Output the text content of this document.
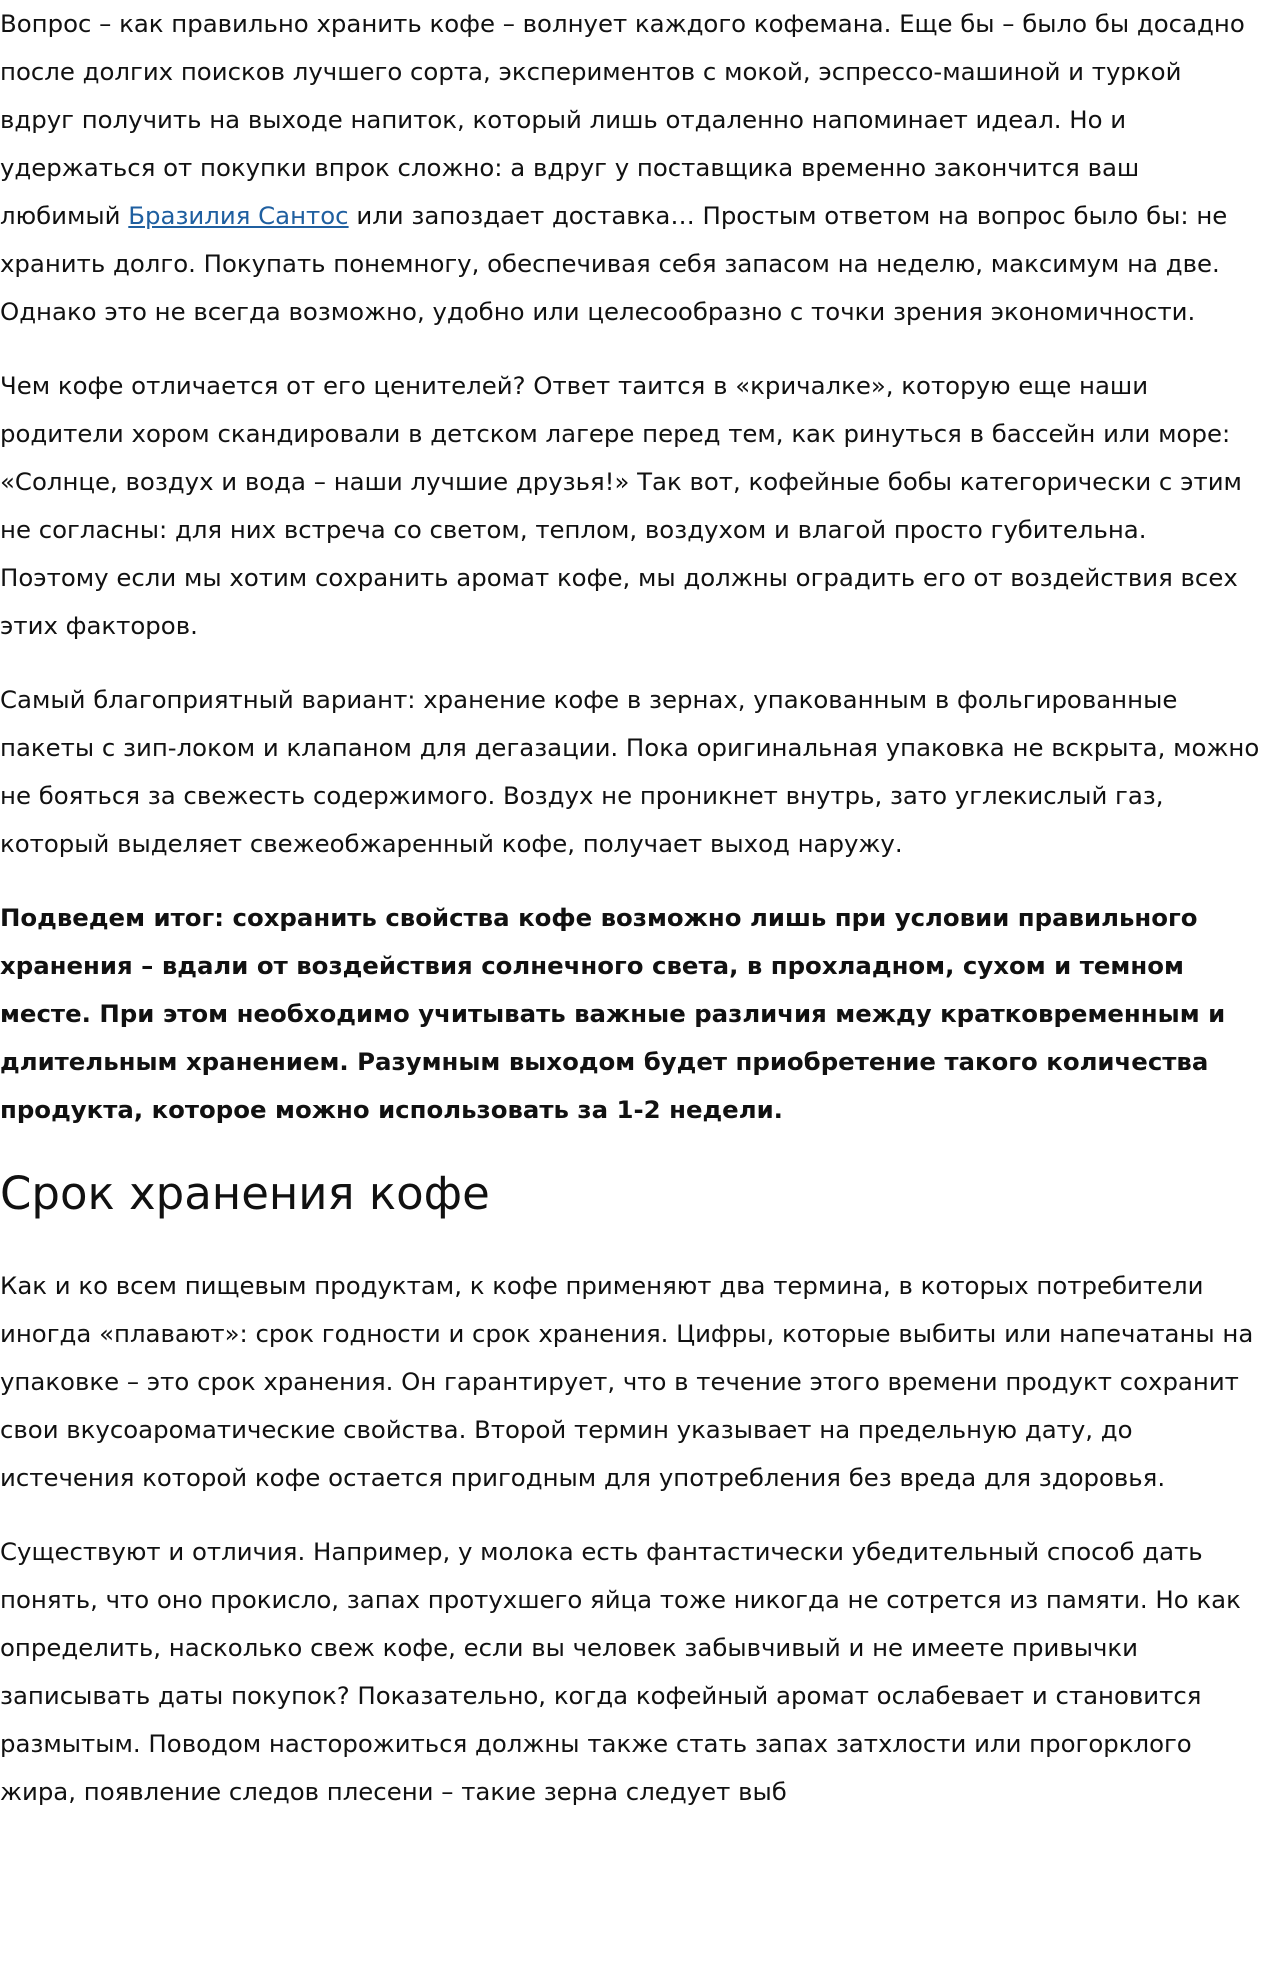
Вопрос – как правильно хранить кофе – волнует каждого кофемана. Еще бы – было бы досадно после долгих поисков лучшего сорта, экспериментов с мокой, эспрессо-машиной и туркой вдруг получить на выходе напиток, который лишь отдаленно напоминает идеал. Но и удержаться от покупки впрок сложно: а вдруг у поставщика временно закончится ваш любимый Бразилия Сантос или запоздает доставка… Простым ответом на вопрос было бы: не хранить долго. Покупать понемногу, обеспечивая себя запасом на неделю, максимум на две. Однако это не всегда возможно, удобно или целесообразно с точки зрения экономичности.

Чем кофе отличается от его ценителей? Ответ таится в «кричалке», которую еще наши родители хором скандировали в детском лагере перед тем, как ринуться в бассейн или море: «Солнце, воздух и вода – наши лучшие друзья!» Так вот, кофейные бобы категорически с этим не согласны: для них встреча со светом, теплом, воздухом и влагой просто губительна. Поэтому если мы хотим сохранить аромат кофе, мы должны оградить его от воздействия всех этих факторов.

Самый благоприятный вариант: хранение кофе в зернах, упакованным в фольгированные пакеты с зип-локом и клапаном для дегазации. Пока оригинальная упаковка не вскрыта, можно не бояться за свежесть содержимого. Воздух не проникнет внутрь, зато углекислый газ, который выделяет свежеобжаренный кофе, получает выход наружу.

Подведем итог: сохранить свойства кофе возможно лишь при условии правильного хранения – вдали от воздействия солнечного света, в прохладном, сухом и темном месте. При этом необходимо учитывать важные различия между кратковременным и длительным хранением. Разумным выходом будет приобретение такого количества продукта, которое можно использовать за 1-2 недели.

Срок хранения кофе

Как и ко всем пищевым продуктам, к кофе применяют два термина, в которых потребители иногда «плавают»: срок годности и срок хранения. Цифры, которые выбиты или напечатаны на упаковке – это срок хранения. Он гарантирует, что в течение этого времени продукт сохранит свои вкусоароматические свойства. Второй термин указывает на предельную дату, до истечения которой кофе остается пригодным для употребления без вреда для здоровья.

Существуют и отличия. Например, у молока есть фантастически убедительный способ дать понять, что оно прокисло, запах протухшего яйца тоже никогда не сотрется из памяти. Но как определить, насколько свеж кофе, если вы человек забывчивый и не имеете привычки записывать даты покупок? Показательно, когда кофейный аромат ослабевает и становится размытым. Поводом насторожиться должны также стать запах затхлости или прогорклого жира, появление следов плесени – такие зерна следует выб
